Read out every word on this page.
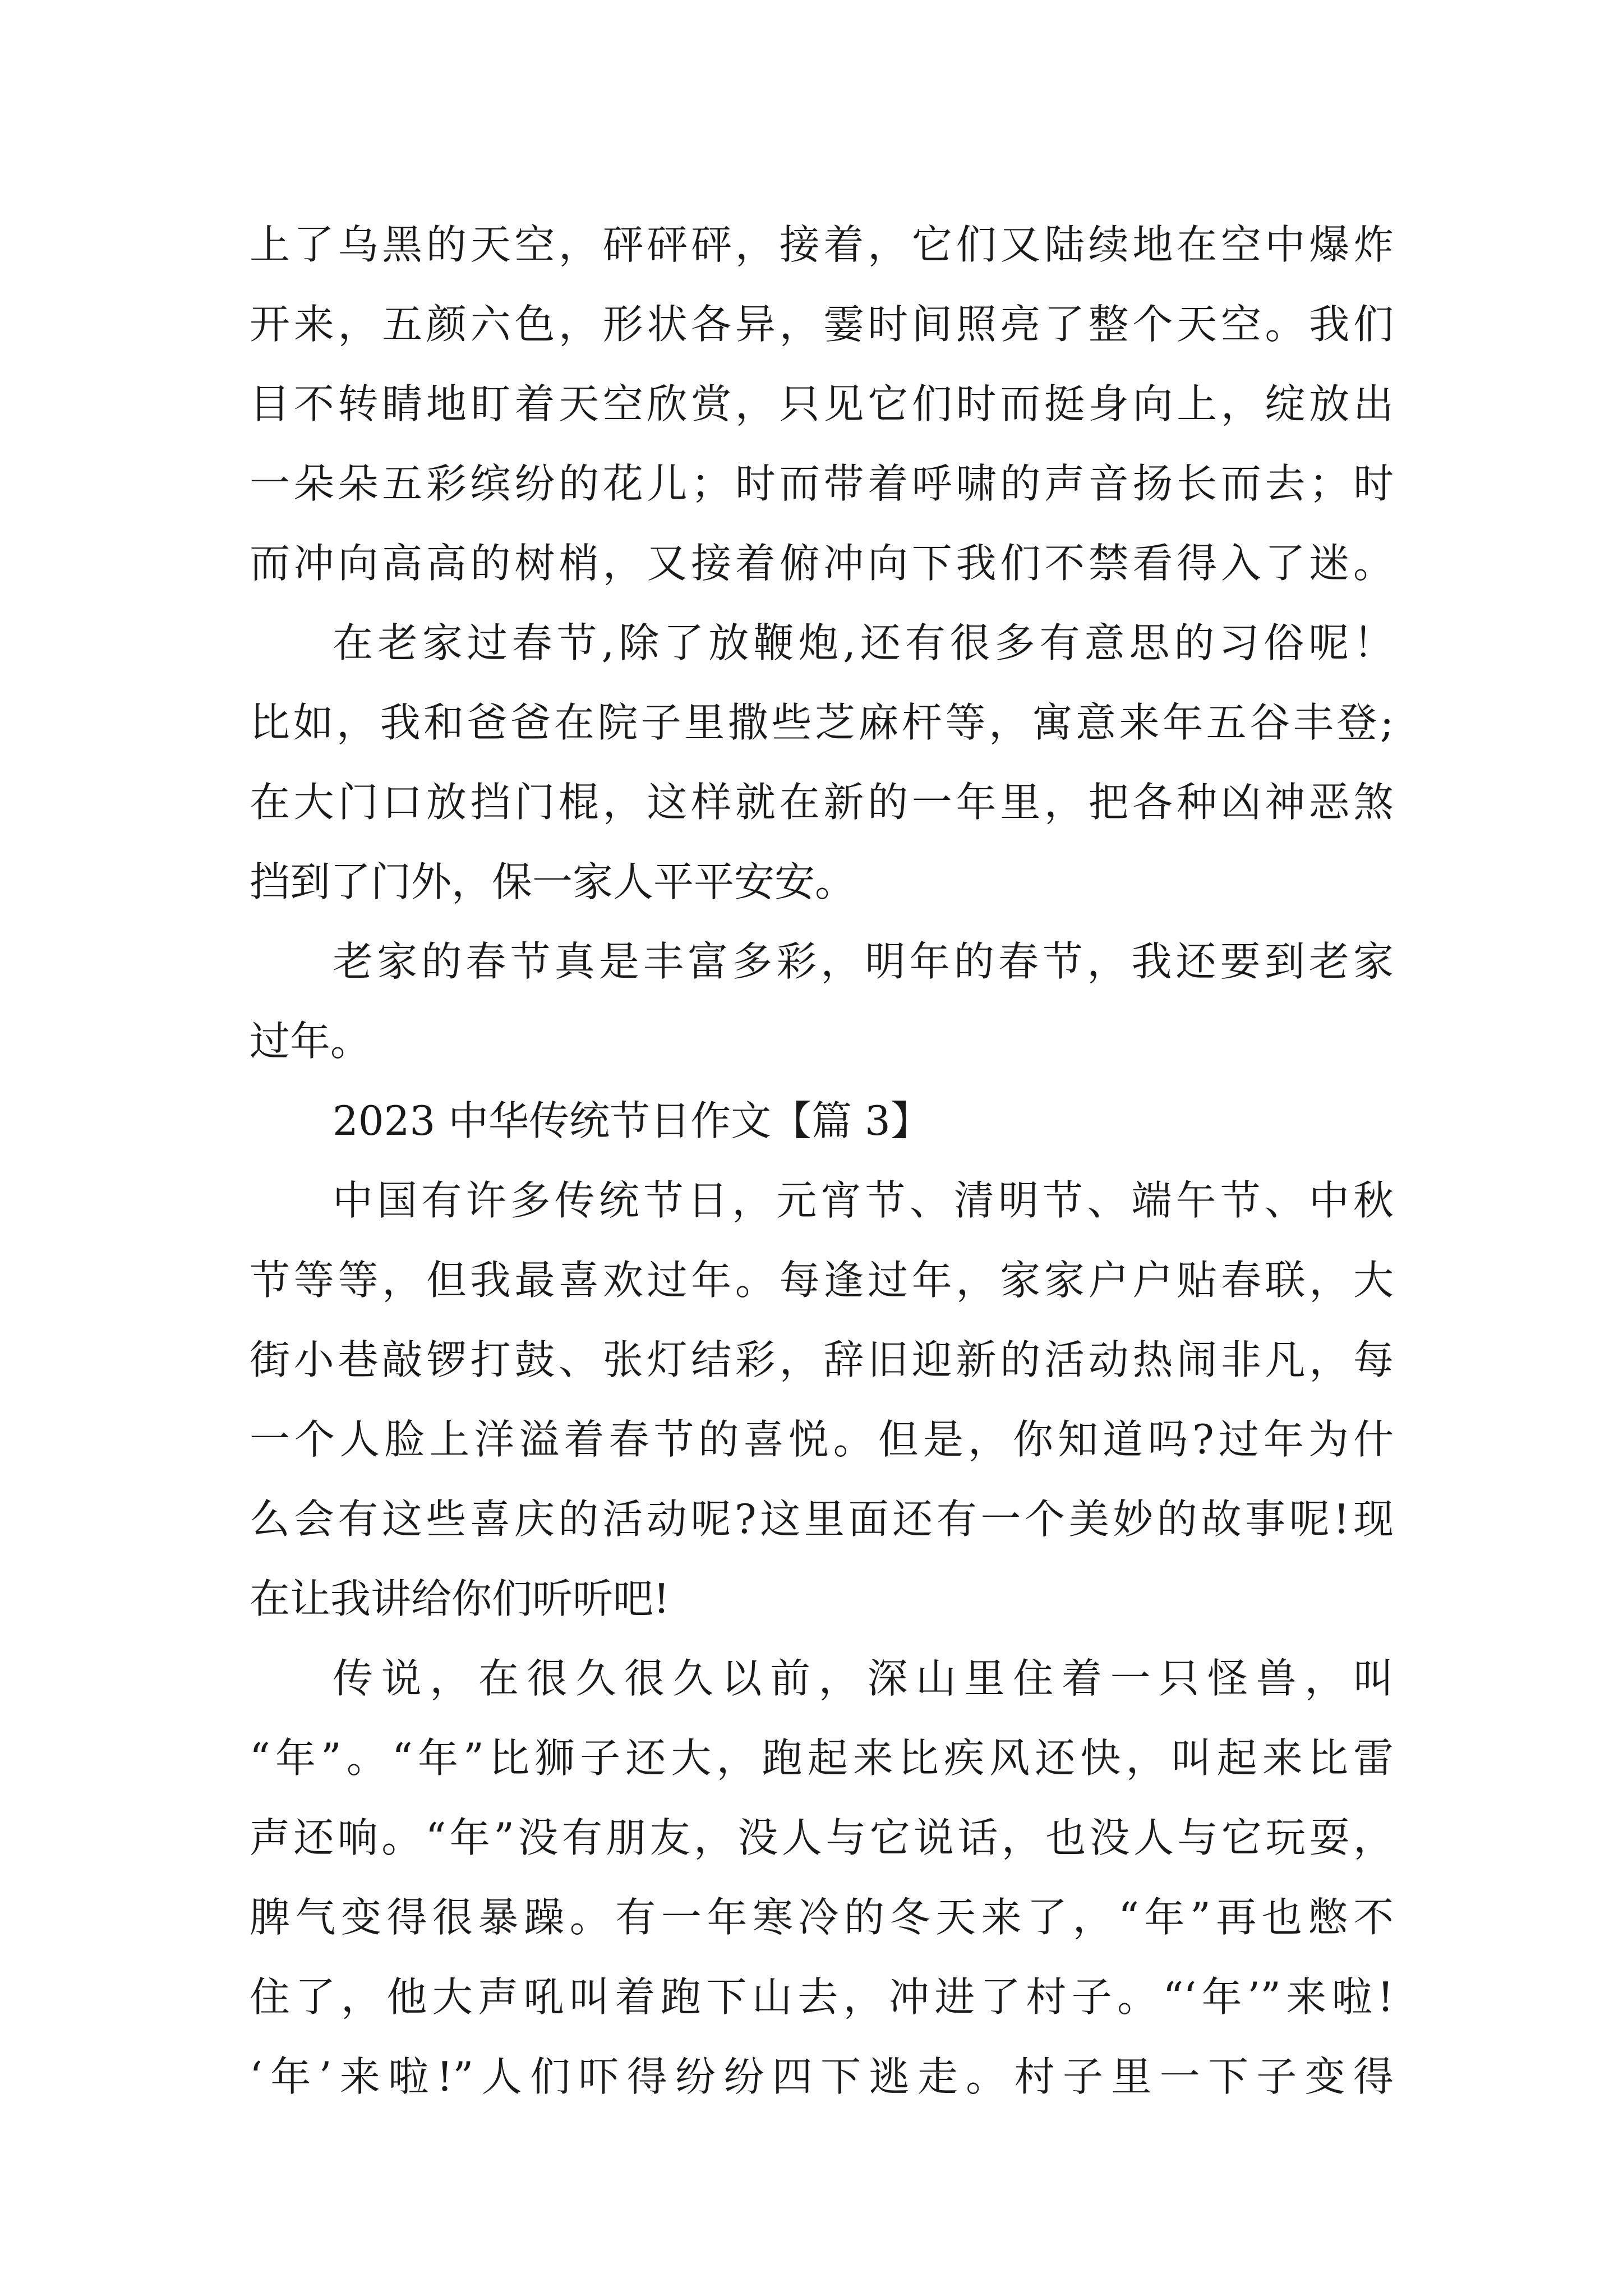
上了乌黑的天空，砰砰砰，接着，它们又陆续地在空中爆炸
开来，五颜六色，形状各异，霎时间照亮了整个天空。我们
目不转睛地盯着天空欣赏，只见它们时而挺身向上，绽放出
一朵朵五彩缤纷的花儿；时而带着呼啸的声音扬长而去；时
而冲向高高的树梢，又接着俯冲向下我们不禁看得入了迷。
在老家过春节,除了放鞭炮,还有很多有意思的习俗呢！
比如，我和爸爸在院子里撒些芝麻杆等，寓意来年五谷丰登;
在大门口放挡门棍，这样就在新的一年里，把各种凶神恶煞
挡到了门外，保一家人平平安安。
老家的春节真是丰富多彩，明年的春节，我还要到老家
过年。
2023 中华传统节日作文【篇 3】
中国有许多传统节日，元宵节、清明节、端午节、中秋
节等等，但我最喜欢过年。每逢过年，家家户户贴春联，大
街小巷敲锣打鼓、张灯结彩，辞旧迎新的活动热闹非凡，每
一个人脸上洋溢着春节的喜悦。但是，你知道吗?过年为什
么会有这些喜庆的活动呢?这里面还有一个美妙的故事呢!现
在让我讲给你们听听吧!
传说，在很久很久以前，深山里住着一只怪兽，叫
“年”。“年”比狮子还大，跑起来比疾风还快，叫起来比雷
声还响。“年”没有朋友，没人与它说话，也没人与它玩耍，
脾气变得很暴躁。有一年寒冷的冬天来了，“年”再也憋不
住了，他大声吼叫着跑下山去，冲进了村子。“‘年’”来啦!
‘年’来啦!”人们吓得纷纷四下逃走。村子里一下子变得
